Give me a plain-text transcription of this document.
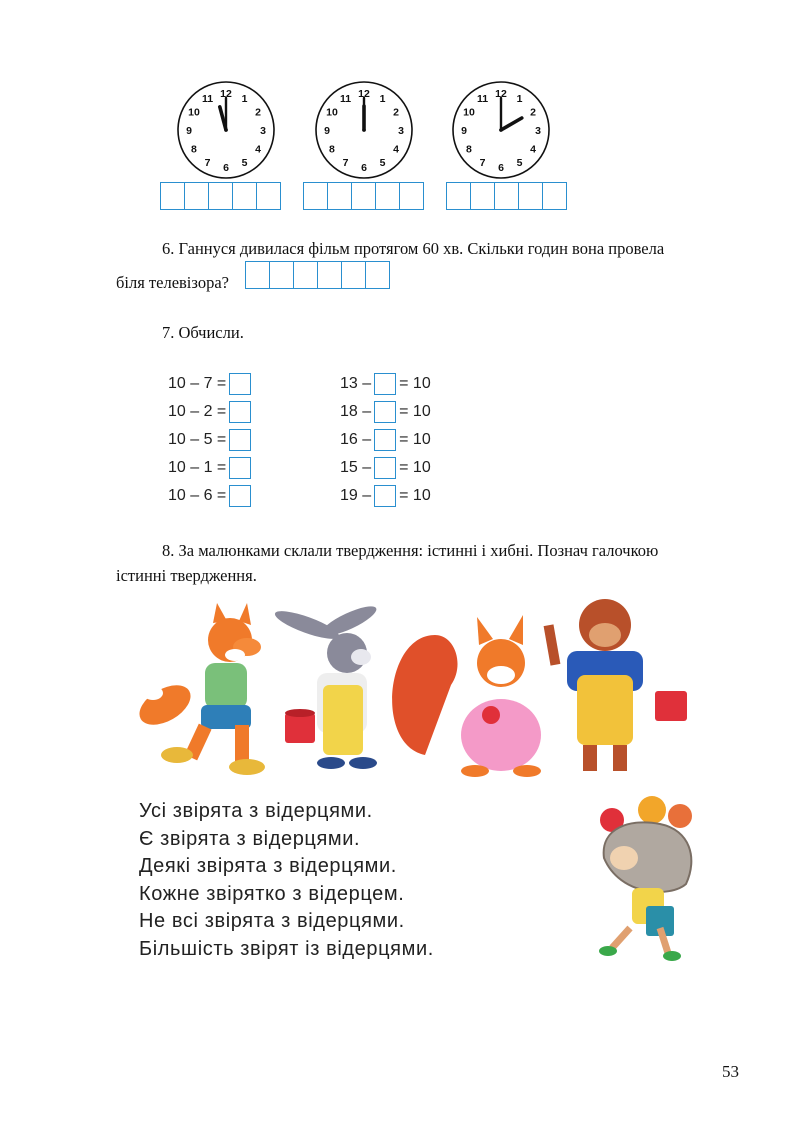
12 1
2
3
4
5
6
7
8
9
10
11	12 1
2
3
4
5
6
7
8
9
10
11	12 1
2
3
4
5
6
7
8
9
10
11
6. Ганнуся дивилася фільм протягом 60 хв. Скільки годин вона провела
біля телевізора?
7. Обчисли.
10 – 7 =
10 – 2 =
10 – 5 =
10 – 1 =
10 – 6 =
13 – = 10
18 – = 10
16 – = 10
15 – = 10
19 – = 10
8. За малюнками склали твердження: істинні і хибні. Познач галочкою
істинні твердження.
Усі звірята з відерцями.
Є звірята з відерцями.
Деякі звірята з відерцями.
Кожне звірятко з відерцем.
Не всі звірята з відерцями.
Більшість звірят із відерцями.
53
